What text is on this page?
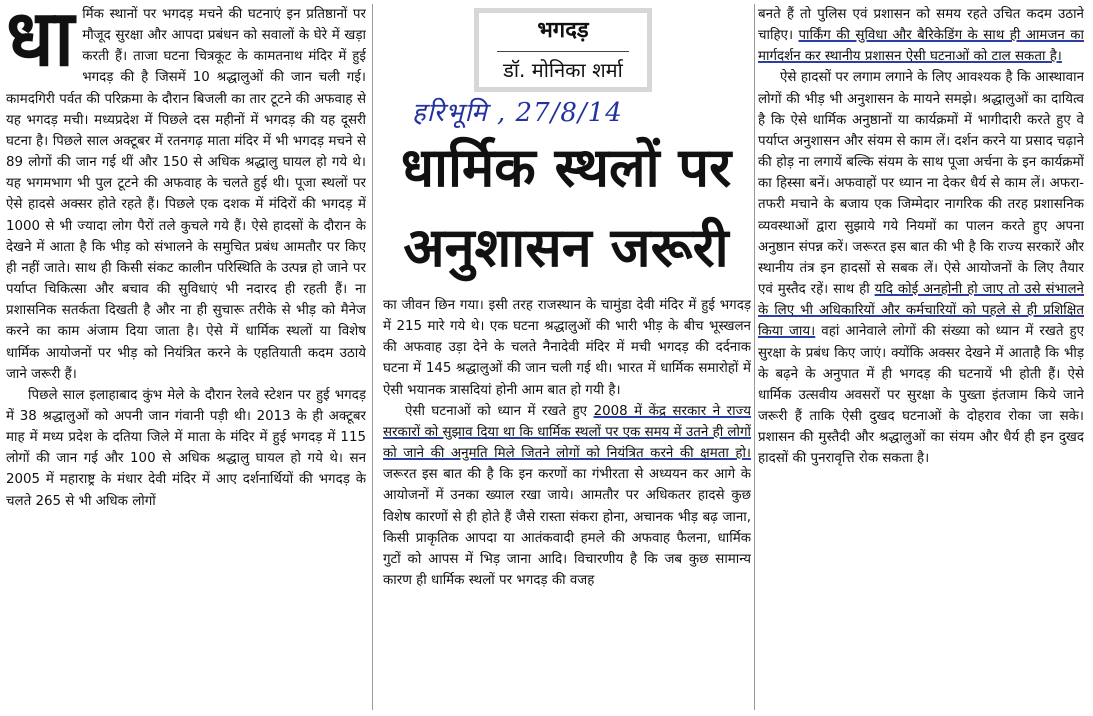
धार्मिक स्थानों पर भगदड़ मचने की घटनाएं इन प्रतिष्ठानों पर मौजूद सुरक्षा और आपदा प्रबंधन को सवालों के घेरे में खड़ा करती हैं। ताजा घटना चित्रकूट के कामतनाथ मंदिर में हुई भगदड़ की है जिसमें 10 श्रद्धालुओं की जान चली गई। कामदगिरी पर्वत की परिक्रमा के दौरान बिजली का तार टूटने की अफवाह से यह भगदड़ मची। मध्यप्रदेश में पिछले दस महीनों में भगदड़ की यह दूसरी घटना है। पिछले साल अक्टूबर में रतनगढ़ माता मंदिर में भी भगदड़ मचने से 89 लोगों की जान गई थीं और 150 से अधिक श्रद्धालु घायल हो गये थे। यह भगमभाग भी पुल टूटने की अफवाह के चलते हुई थी। पूजा स्थलों पर ऐसे हादसे अक्सर होते रहते हैं। पिछले एक दशक में मंदिरों की भगदड़ में 1000 से भी ज्यादा लोग पैरों तले कुचले गये हैं। ऐसे हादसों के दौरान के देखने में आता है कि भीड़ को संभालने के समुचित प्रबंध आमतौर पर किए ही नहीं जाते। साथ ही किसी संकट कालीन परिस्थिति के उत्पन्न हो जाने पर पर्याप्त चिकित्सा और बचाव की सुविधाएं भी नदारद ही रहती हैं। ना प्रशासनिक सतर्कता दिखती है और ना ही सुचारू तरीके से भीड़ को मैनेज करने का काम अंजाम दिया जाता है। ऐसे में धार्मिक स्थलों या विशेष धार्मिक आयोजनों पर भीड़ को नियंत्रित करने के एहतियाती कदम उठाये जाने जरूरी हैं।

पिछले साल इलाहाबाद कुंभ मेले के दौरान रेलवे स्टेशन पर हुई भगदड़ में 38 श्रद्धालुओं को अपनी जान गंवानी पड़ी थी। 2013 के ही अक्टूबर माह में मध्य प्रदेश के दतिया जिले में माता के मंदिर में हुई भगदड़ में 115 लोगों की जान गई और 100 से अधिक श्रद्धालु घायल हो गये थे। सन 2005 में महाराष्ट्र के मंधार देवी मंदिर में आए दर्शनार्थियों की भगदड़ के चलते 265 से भी अधिक लोगों

भगदड़
डॉ. मोनिका शर्मा
हरिभूमि , 27/8/14
धार्मिक स्थलों पर
अनुशासन जरूरी

का जीवन छिन गया। इसी तरह राजस्थान के चामुंडा देवी मंदिर में हुई भगदड़ में 215 मारे गये थे। एक घटना श्रद्धालुओं की भारी भीड़ के बीच भूस्खलन की अफवाह उड़ा देने के चलते नैनादेवी मंदिर में मची भगदड़ की दर्दनाक घटना में 145 श्रद्धालुओं की जान चली गई थी। भारत में धार्मिक समारोहों में ऐसी भयानक त्रासदियां होनी आम बात हो गयी है।

ऐसी घटनाओं को ध्यान में रखते हुए 2008 में केंद्र सरकार ने राज्य सरकारों को सुझाव दिया था कि धार्मिक स्थलों पर एक समय में उतने ही लोगों को जाने की अनुमति मिले जितने लोगों को नियंत्रित करने की क्षमता हो। जरूरत इस बात की है कि इन करणों का गंभीरता से अध्ययन कर आगे के आयोजनों में उनका ख्याल रखा जाये। आमतौर पर अधिकतर हादसे कुछ विशेष कारणों से ही होते हैं जैसे रास्ता संकरा होना, अचानक भीड़ बढ़ जाना, किसी प्राकृतिक आपदा या आतंकवादी हमले की अफवाह फैलना, धार्मिक गुटों को आपस में भिड़ जाना आदि। विचारणीय है कि जब कुछ सामान्य कारण ही धार्मिक स्थलों पर भगदड़ की वजह

बनते हैं तो पुलिस एवं प्रशासन को समय रहते उचित कदम उठाने चाहिए। पार्किंग की सुविधा और बैरिकेडिंग के साथ ही आमजन का मार्गदर्शन कर स्थानीय प्रशासन ऐसी घटनाओं को टाल सकता है।

ऐसे हादसों पर लगाम लगाने के लिए आवश्यक है कि आस्थावान लोगों की भीड़ भी अनुशासन के मायने समझे। श्रद्धालुओं का दायित्व है कि ऐसे धार्मिक अनुष्ठानों या कार्यक्रमों में भागीदारी करते हुए वे पर्याप्त अनुशासन और संयम से काम लें। दर्शन करने या प्रसाद चढ़ाने की होड़ ना लगायें बल्कि संयम के साथ पूजा अर्चना के इन कार्यक्रमों का हिस्सा बनें। अफवाहों पर ध्यान ना देकर धैर्य से काम लें। अफरा-तफरी मचाने के बजाय एक जिम्मेदार नागरिक की तरह प्रशासनिक व्यवस्थाओं द्वारा सुझाये गये नियमों का पालन करते हुए अपना अनुष्ठान संपन्न करें। जरूरत इस बात की भी है कि राज्य सरकारें और स्थानीय तंत्र इन हादसों से सबक लें। ऐसे आयोजनों के लिए तैयार एवं मुस्तैद रहें। साथ ही यदि कोई अनहोनी हो जाए तो उसे संभालने के लिए भी अधिकारियों और कर्मचारियों को पहले से ही प्रशिक्षित किया जाय। वहां आनेवाले लोगों की संख्या को ध्यान में रखते हुए सुरक्षा के प्रबंध किए जाएं। क्योंकि अक्सर देखने में आताहै कि भीड़ के बढ़ने के अनुपात में ही भगदड़ की घटनायें भी होती हैं। ऐसे धार्मिक उत्सवीय अवसरों पर सुरक्षा के पुख्ता इंतजाम किये जाने जरूरी हैं ताकि ऐसी दुखद घटनाओं के दोहराव रोका जा सके। प्रशासन की मुस्तैदी और श्रद्धालुओं का संयम और धैर्य ही इन दुखद हादसों की पुनरावृत्ति रोक सकता है।
